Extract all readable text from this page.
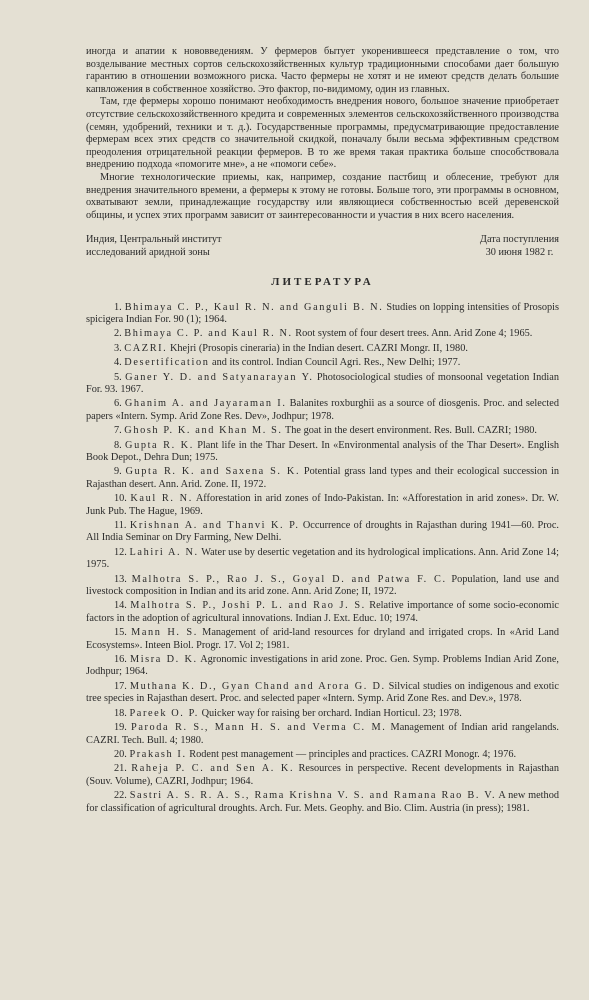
иногда и апатии к нововведениям. У фермеров бытует укоренившееся представление о том, что возделывание местных сортов сельскохозяйственных культур традиционными способами дает большую гарантию в отношении возможного риска. Часто фермеры не хотят и не имеют средств делать большие капвложения в собственное хозяйство. Это фактор, по-видимому, один из главных.

Там, где фермеры хорошо понимают необходимость внедрения нового, большое значение приобретает отсутствие сельскохозяйственного кредита и современных элементов сельскохозяйственного производства (семян, удобрений, техники и т. д.). Государственные программы, предусматривающие предоставление фермерам всех этих средств со значительной скидкой, поначалу были весьма эффективным средством преодоления отрицательной реакции фермеров. В то же время такая практика больше способствовала внедрению подхода «помогите мне», а не «помоги себе».

Многие технологические приемы, как, например, создание пастбищ и облесение, требуют для внедрения значительного времени, а фермеры к этому не готовы. Больше того, эти программы в основном, охватывают земли, принадлежащие государству или являющиеся собственностью всей деревенской общины, и успех этих программ зависит от заинтересованности и участия в них всего населения.

Индия, Центральный институт
исследований аридной зоны
Дата поступления
30 июня 1982 г.
ЛИТЕРАТУРА

1. Bhimaya C. P., Kaul R. N. and Ganguli B. N. Studies on lopping intensities of Prosopis spicigera Indian For. 90 (1); 1964.

2. Bhimaya C. P. and Kaul R. N. Root system of four desert trees. Ann. Arid Zone 4; 1965.

3. CAZRI. Khejri (Prosopis cineraria) in the Indian desert. CAZRI Mongr. II, 1980.

4. Desertification and its control. Indian Council Agri. Res., New Delhi; 1977.

5. Ganer Y. D. and Satyanarayan Y. Photosociological studies of monsoonal vegetation Indian For. 93. 1967.

6. Ghanim A. and Jayaraman I. Balanites roxburghii as a source of diosgenis. Proc. and selected papers «Intern. Symp. Arid Zone Res. Dev», Jodhpur; 1978.

7. Ghosh P. K. and Khan M. S. The goat in the desert environment. Res. Bull. CAZRI; 1980.

8. Gupta R. K. Plant life in the Thar Desert. In «Environmental analysis of the Thar Desert». English Book Depot., Dehra Dun; 1975.

9. Gupta R. K. and Saxena S. K. Potential grass land types and their ecological succession in Rajasthan desert. Ann. Arid. Zone. II, 1972.

10. Kaul R. N. Afforestation in arid zones of Indo-Pakistan. In: «Afforestation in arid zones». Dr. W. Junk Pub. The Hague, 1969.

11. Krishnan A. and Thanvi K. P. Occurrence of droughts in Rajasthan during 1941—60. Proc. All India Seminar on Dry Farming, New Delhi.

12. Lahiri A. N. Water use by desertic vegetation and its hydrological implications. Ann. Arid Zone 14; 1975.

13. Malhotra S. P., Rao J. S., Goyal D. and Patwa F. C. Population, land use and livestock composition in Indian and its arid zone. Ann. Arid Zone; II, 1972.

14. Malhotra S. P., Joshi P. L. and Rao J. S. Relative importance of some socio-economic factors in the adoption of agricultural innovations. Indian J. Ext. Educ. 10; 1974.

15. Mann H. S. Management of arid-land resources for dryland and irrigated crops. In «Arid Land Ecosystems». Inteen Biol. Progr. 17. Vol 2; 1981.

16. Misra D. K. Agronomic investigations in arid zone. Proc. Gen. Symp. Problems Indian Arid Zone, Jodhpur; 1964.

17. Muthana K. D., Gyan Chand and Arora G. D. Silvical studies on indigenous and exotic tree species in Rajasthan desert. Proc. and selected paper «Intern. Symp. Arid Zone Res. and Dev.», 1978.

18. Pareek O. P. Quicker way for raising ber orchard. Indian Horticul. 23; 1978.

19. Paroda R. S., Mann H. S. and Verma C. M. Management of Indian arid rangelands. CAZRI. Tech. Bull. 4; 1980.

20. Prakash I. Rodent pest management — principles and practices. CAZRI Monogr. 4; 1976.

21. Raheja P. C. and Sen A. K. Resources in perspective. Recent developments in Rajasthan (Souv. Volume), CAZRI, Jodhpur; 1964.

22. Sastri A. S. R. A. S., Rama Krishna V. S. and Ramana Rao B. V. A new method for classification of agricultural droughts. Arch. Fur. Mets. Geophy. and Bio. Clim. Austria (in press); 1981.
